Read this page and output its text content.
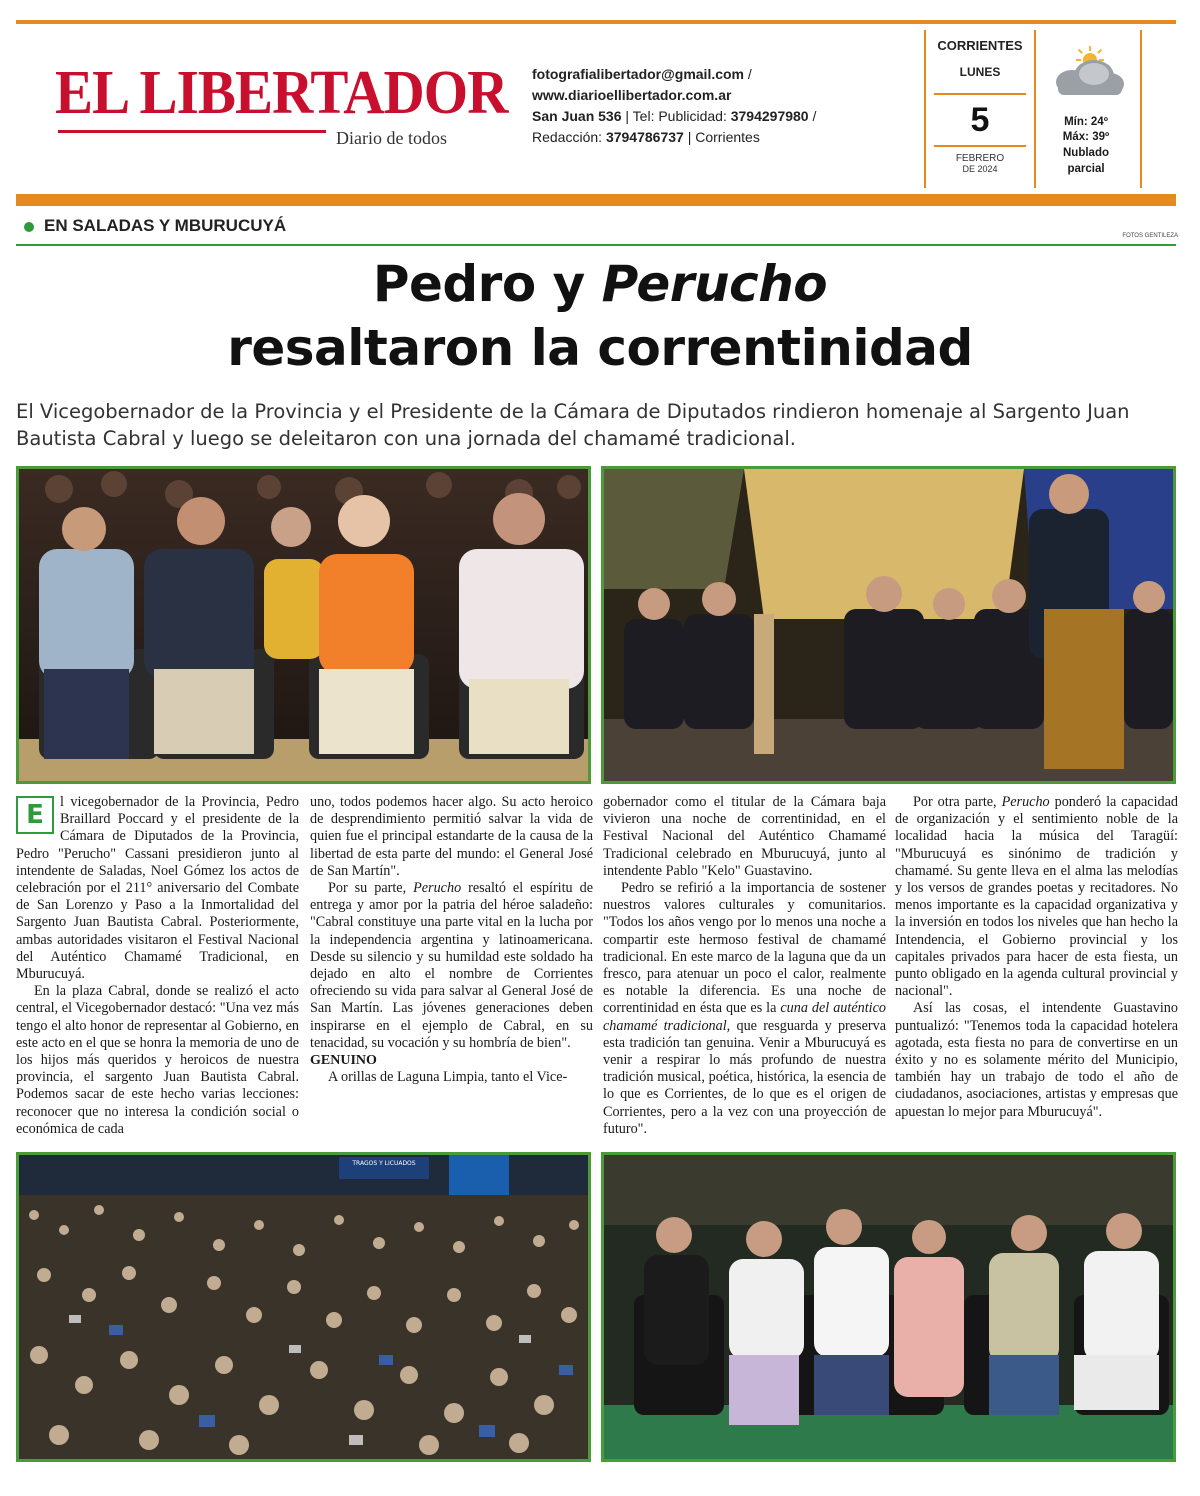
EL LIBERTADOR
Diario de todos
fotografialibertador@gmail.com /
www.diarioellibertador.com.ar
San Juan 536 | Tel: Publicidad: 3794297980 /
Redacción: 3794786737 | Corrientes
CORRIENTES
LUNES
5
FEBRERO
DE 2024
Mín: 24º
Máx: 39º
Nublado parcial
EN SALADAS Y MBURUCUYÁ
FOTOS GENTILEZA
Pedro y Perucho
resaltaron la correntinidad
El Vicegobernador de la Provincia y el Presidente de la Cámara de Diputados rindieron homenaje al Sargento Juan Bautista Cabral y luego se deleitaron con una jornada del chamamé tradicional.

E	l vicegobernador de la Provincia, Pedro Braillard Poccard y el presidente de la Cámara de Diputados de la Provincia, Pedro "Perucho" Cassani presidieron junto al intendente de Saladas, Noel Gómez los actos de celebración por el 211° aniversario del Combate de San Lorenzo y Paso a la Inmortalidad del Sargento Juan Bautista Cabral. Posteriormente, ambas autoridades visitaron el Festival Nacional del Auténtico Chamamé Tradicional, en Mburucuyá.

En la plaza Cabral, donde se realizó el acto central, el Vicegobernador destacó: "Una vez más tengo el alto honor de representar al Gobierno, en este acto en el que se honra la memoria de uno de los hijos más queridos y heroicos de nuestra provincia, el sargento Juan Bautista Cabral. Podemos sacar de este hecho varias lecciones: reconocer que no interesa la condición social o económica de cada

uno, todos podemos hacer algo. Su acto heroico de desprendimiento permitió salvar la vida de quien fue el principal estandarte de la causa de la libertad de esta parte del mundo: el General José de San Martín".

Por su parte, Perucho resaltó el espíritu de entrega y amor por la patria del héroe saladeño: "Cabral constituye una parte vital en la lucha por la independencia argentina y latinoamericana. Desde su silencio y su humildad este soldado ha dejado en alto el nombre de Corrientes ofreciendo su vida para salvar al General José de San Martín. Las jóvenes generaciones deben inspirarse en el ejemplo de Cabral, en su tenacidad, su vocación y su hombría de bien".

GENUINO

A orillas de Laguna Limpia, tanto el Vice-

gobernador como el titular de la Cámara baja vivieron una noche de correntinidad, en el Festival Nacional del Auténtico Chamamé Tradicional celebrado en Mburucuyá, junto al intendente Pablo "Kelo" Guastavino.

Pedro se refirió a la importancia de sostener nuestros valores culturales y comunitarios. "Todos los años vengo por lo menos una noche a compartir este hermoso festival de chamamé tradicional. En este marco de la laguna que da un fresco, para atenuar un poco el calor, realmente es notable la diferencia. Es una noche de correntinidad en ésta que es la cuna del auténtico chamamé tradicional, que resguarda y preserva esta tradición tan genuina. Venir a Mburucuyá es venir a respirar lo más profundo de nuestra tradición musical, poética, histórica, la esencia de lo que es Corrientes, de lo que es el origen de Corrientes, pero a la vez con una proyección de futuro".

Por otra parte, Perucho ponderó la capacidad de organización y el sentimiento noble de la localidad hacia la música del Taragüí: "Mburucuyá es sinónimo de tradición y chamamé. Su gente lleva en el alma las melodías y los versos de grandes poetas y recitadores. No menos importante es la capacidad organizativa y la inversión en todos los niveles que han hecho la Intendencia, el Gobierno provincial y los capitales privados para hacer de esta fiesta, un punto obligado en la agenda cultural provincial y nacional".

Así las cosas, el intendente Guastavino puntualizó: "Tenemos toda la capacidad hotelera agotada, esta fiesta no para de convertirse en un éxito y no es solamente mérito del Municipio, también hay un trabajo de todo el año de ciudadanos, asociaciones, artistas y empresas que apuestan lo mejor para Mburucuyá".

TRAGOS Y LICUADOS
